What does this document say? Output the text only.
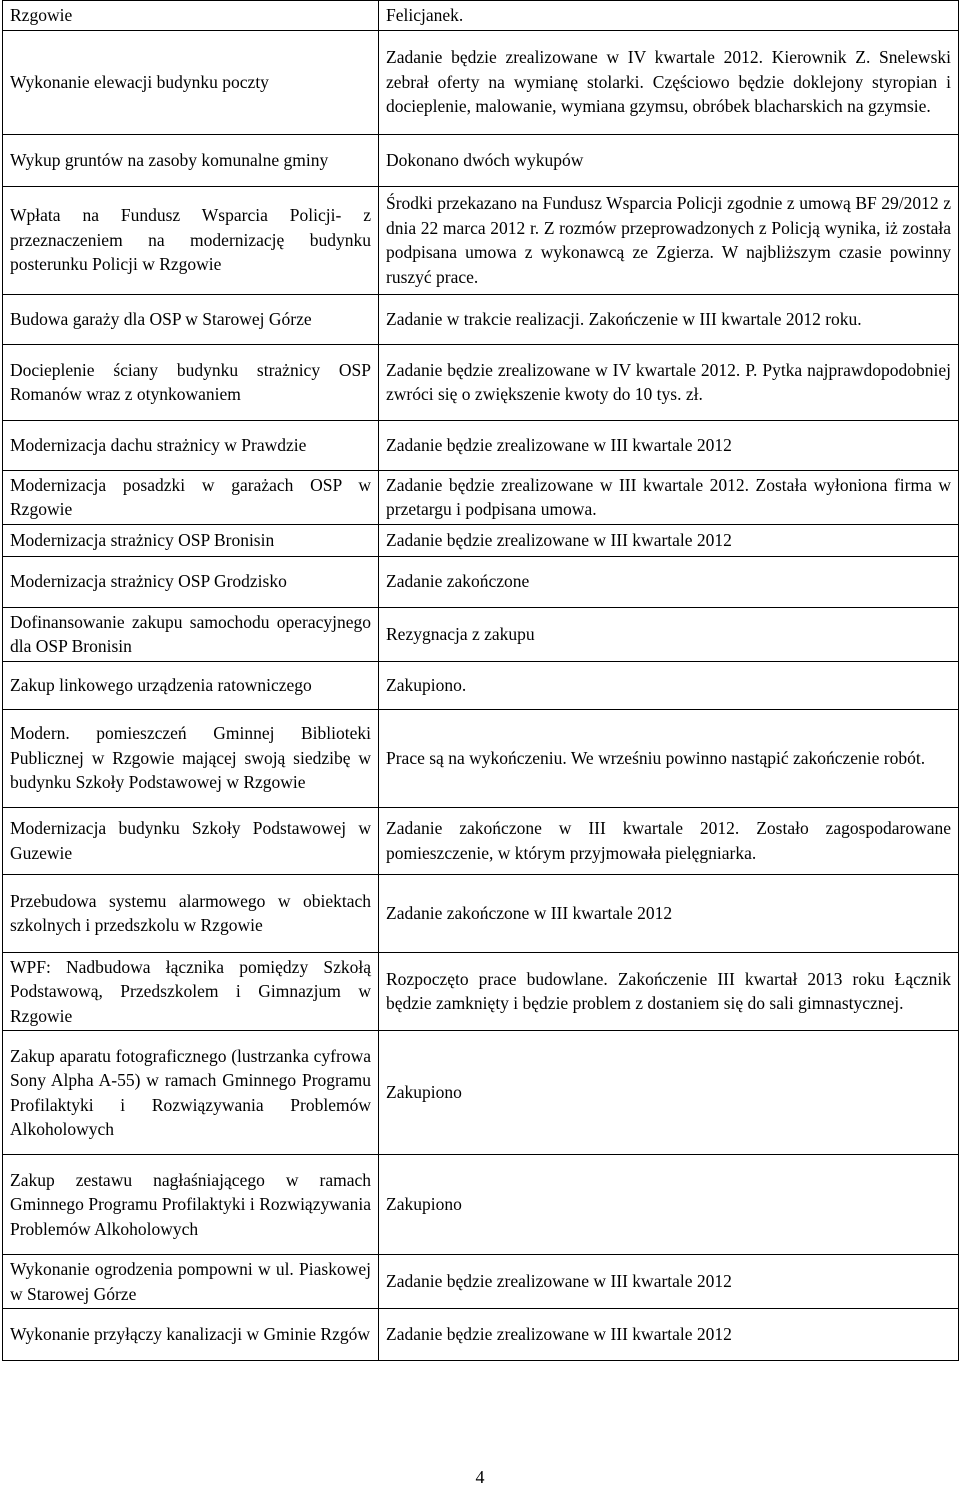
Rzgowie	Felicjanek.
Wykonanie elewacji budynku poczty	Zadanie będzie zrealizowane w IV kwartale 2012. Kierownik Z. Snelewski zebrał oferty na wymianę stolarki. Częściowo będzie doklejony styropian i docieplenie, malowanie, wymiana gzymsu, obróbek blacharskich na gzymsie.
Wykup gruntów na zasoby komunalne gminy	Dokonano dwóch wykupów
Wpłata na Fundusz Wsparcia Policji- z przeznaczeniem na modernizację budynku posterunku Policji w Rzgowie	Środki przekazano na Fundusz Wsparcia Policji zgodnie z umową BF 29/2012 z dnia 22 marca 2012 r. Z rozmów przeprowadzonych z Policją wynika, iż została podpisana umowa z wykonawcą ze Zgierza. W najbliższym czasie powinny ruszyć prace.
Budowa garaży dla OSP w Starowej Górze	Zadanie w trakcie realizacji. Zakończenie w III kwartale 2012 roku.
Docieplenie ściany budynku strażnicy OSP Romanów wraz z otynkowaniem	Zadanie będzie zrealizowane w IV kwartale 2012. P. Pytka najprawdopodobniej zwróci się o zwiększenie kwoty do 10 tys. zł.
Modernizacja dachu strażnicy w Prawdzie	Zadanie będzie zrealizowane w III kwartale 2012
Modernizacja posadzki w garażach OSP w Rzgowie	Zadanie będzie zrealizowane w III kwartale 2012. Została wyłoniona firma w przetargu i podpisana umowa.
Modernizacja strażnicy OSP Bronisin	Zadanie będzie zrealizowane w III kwartale 2012
Modernizacja strażnicy OSP Grodzisko	Zadanie zakończone
Dofinansowanie zakupu samochodu operacyjnego dla OSP Bronisin	Rezygnacja z zakupu
Zakup linkowego urządzenia ratowniczego	Zakupiono.
Modern. pomieszczeń Gminnej Biblioteki Publicznej w Rzgowie mającej swoją siedzibę w budynku Szkoły Podstawowej w Rzgowie	Prace są na wykończeniu. We wrześniu powinno nastąpić zakończenie robót.
Modernizacja budynku Szkoły Podstawowej w Guzewie	Zadanie zakończone w III kwartale 2012. Zostało zagospodarowane pomieszczenie, w którym przyjmowała pielęgniarka.
Przebudowa systemu alarmowego w obiektach szkolnych i przedszkolu w Rzgowie	Zadanie zakończone w III kwartale 2012
WPF: Nadbudowa łącznika pomiędzy Szkołą Podstawową, Przedszkolem i Gimnazjum w Rzgowie	Rozpoczęto prace budowlane. Zakończenie III kwartał 2013 roku Łącznik będzie zamknięty i będzie problem z dostaniem się do sali gimnastycznej.
Zakup aparatu fotograficznego (lustrzanka cyfrowa Sony Alpha A-55) w ramach Gminnego Programu Profilaktyki i Rozwiązywania Problemów Alkoholowych	Zakupiono
Zakup zestawu nagłaśniającego w ramach Gminnego Programu Profilaktyki i Rozwiązywania Problemów Alkoholowych	Zakupiono
Wykonanie ogrodzenia pompowni w ul. Piaskowej w Starowej Górze	Zadanie będzie zrealizowane w III kwartale 2012
Wykonanie przyłączy kanalizacji w Gminie Rzgów	Zadanie będzie zrealizowane w III kwartale 2012
4
